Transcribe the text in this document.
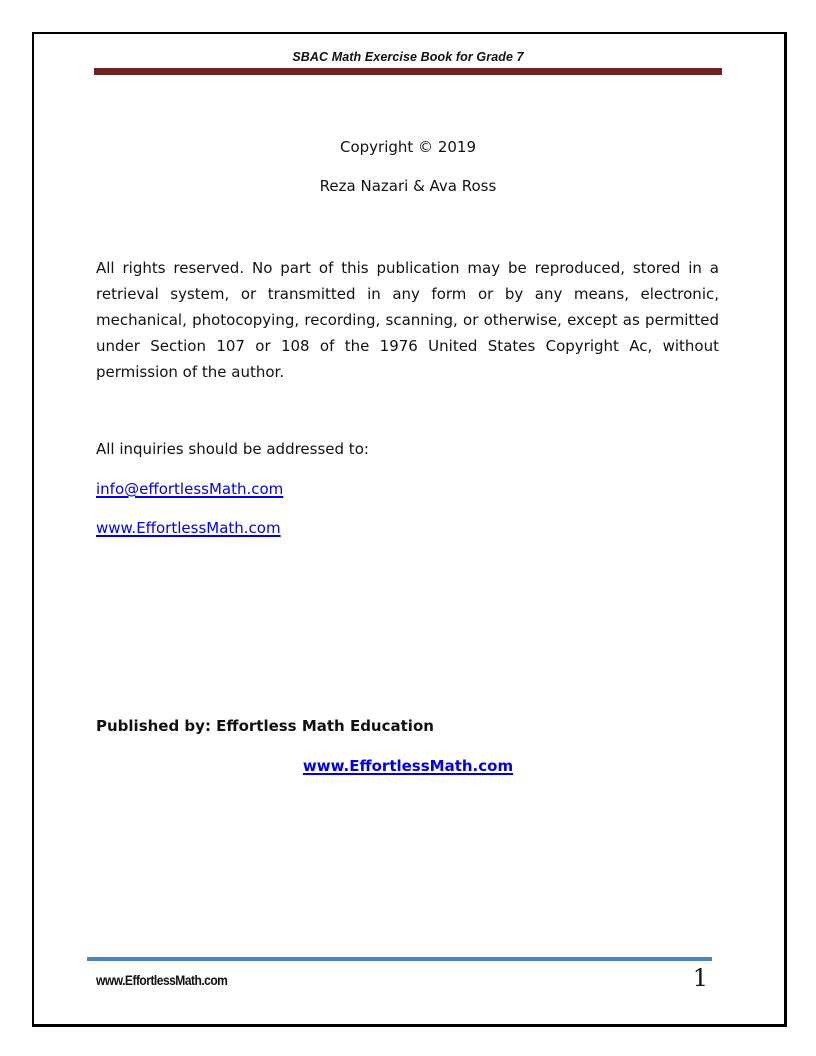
SBAC Math Exercise Book for Grade 7
Copyright © 2019
Reza Nazari & Ava Ross

All rights reserved. No part of this publication may be reproduced, stored in a retrieval system, or transmitted in any form or by any means, electronic, mechanical, photocopying, recording, scanning, or otherwise, except as permitted under Section 107 or 108 of the 1976 United States Copyright Ac, without permission of the author.

All inquiries should be addressed to:
info@effortlessMath.com
www.EffortlessMath.com
Published by: Effortless Math Education
www.EffortlessMath.com
www.EffortlessMath.com	1
